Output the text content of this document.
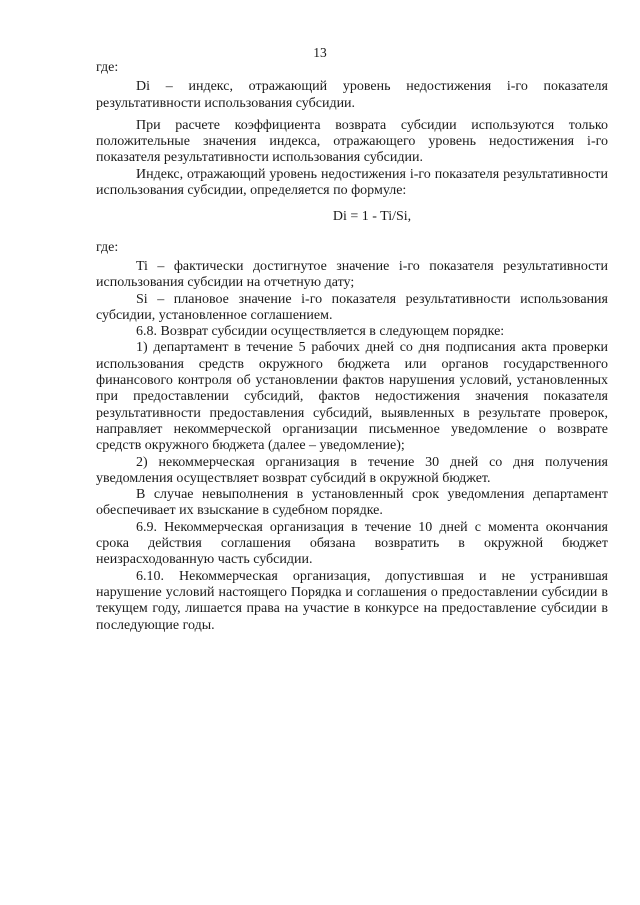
13

где:

Di – индекс, отражающий уровень недостижения i-го показателя результативности использования субсидии.

При расчете коэффициента возврата субсидии используются только положительные значения индекса, отражающего уровень недостижения i-го показателя результативности использования субсидии.

Индекс, отражающий уровень недостижения i-го показателя результативности использования субсидии, определяется по формуле:

Di = 1 - Ti/Si,

где:

Ti – фактически достигнутое значение i-го показателя результативности использования субсидии на отчетную дату;

Si – плановое значение i-го показателя результативности использования субсидии, установленное соглашением.

6.8. Возврат субсидии осуществляется в следующем порядке:

1) департамент в течение 5 рабочих дней со дня подписания акта проверки использования средств окружного бюджета или органов государственного финансового контроля об установлении фактов нарушения условий, установленных при предоставлении субсидий, фактов недостижения значения показателя результативности предоставления субсидий, выявленных в результате проверок, направляет некоммерческой организации письменное уведомление о возврате средств окружного бюджета (далее – уведомление);

2) некоммерческая организация в течение 30 дней со дня получения уведомления осуществляет возврат субсидий в окружной бюджет.

В случае невыполнения в установленный срок уведомления департамент обеспечивает их взыскание в судебном порядке.

6.9. Некоммерческая организация в течение 10 дней с момента окончания срока действия соглашения обязана возвратить в окружной бюджет неизрасходованную часть субсидии.

6.10. Некоммерческая организация, допустившая и не устранившая нарушение условий настоящего Порядка и соглашения о предоставлении субсидии в текущем году, лишается права на участие в конкурсе на предоставление субсидии в последующие годы.
